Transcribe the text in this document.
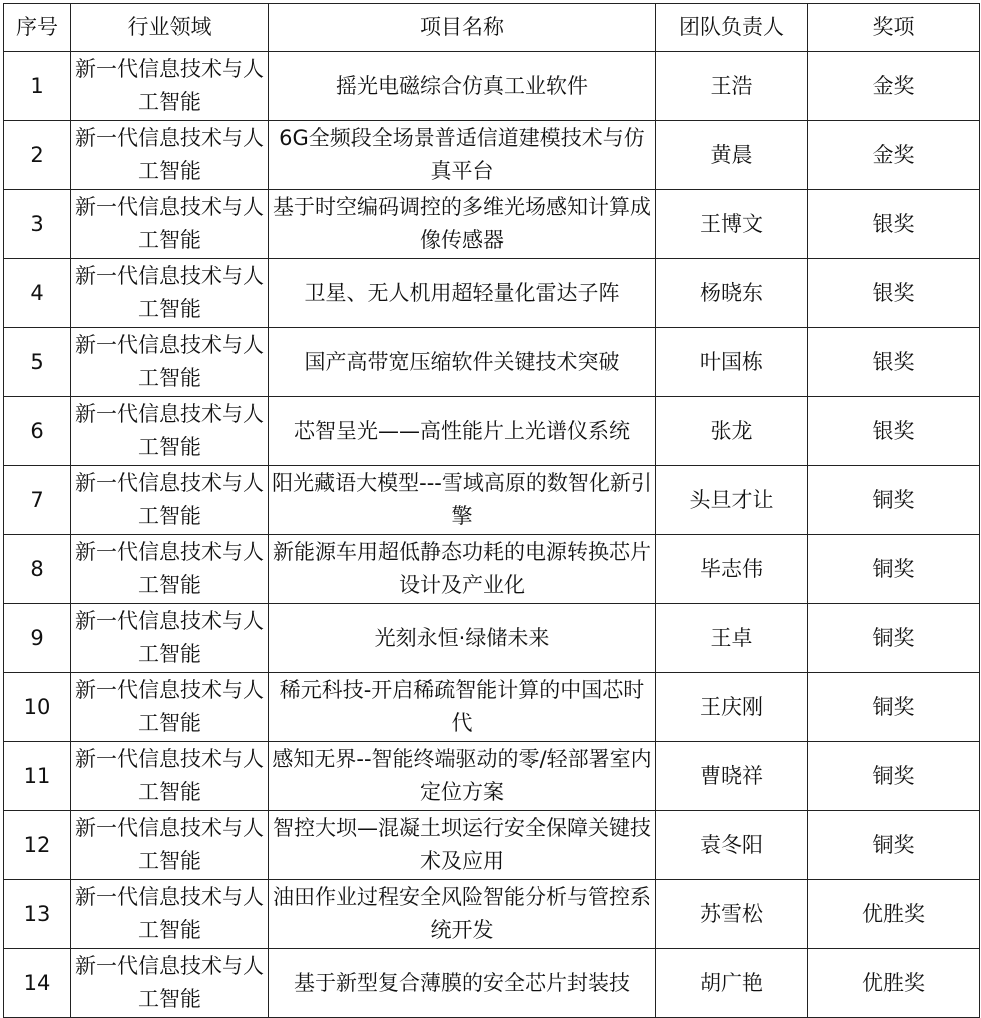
序号	行业领域	项目名称	团队负责人	奖项
1	新一代信息技术与人工智能	摇光电磁综合仿真工业软件	王浩	金奖
2	新一代信息技术与人工智能	6G全频段全场景普适信道建模技术与仿真平台	黄晨	金奖
3	新一代信息技术与人工智能	基于时空编码调控的多维光场感知计算成像传感器	王博文	银奖
4	新一代信息技术与人工智能	卫星、无人机用超轻量化雷达子阵	杨晓东	银奖
5	新一代信息技术与人工智能	国产高带宽压缩软件关键技术突破	叶国栋	银奖
6	新一代信息技术与人工智能	芯智呈光——高性能片上光谱仪系统	张龙	银奖
7	新一代信息技术与人工智能	阳光藏语大模型---雪域高原的数智化新引擎	头旦才让	铜奖
8	新一代信息技术与人工智能	新能源车用超低静态功耗的电源转换芯片设计及产业化	毕志伟	铜奖
9	新一代信息技术与人工智能	光刻永恒·绿储未来	王卓	铜奖
10	新一代信息技术与人工智能	稀元科技-开启稀疏智能计算的中国芯时代	王庆刚	铜奖
11	新一代信息技术与人工智能	感知无界--智能终端驱动的零/轻部署室内定位方案	曹晓祥	铜奖
12	新一代信息技术与人工智能	智控大坝—混凝土坝运行安全保障关键技术及应用	袁冬阳	铜奖
13	新一代信息技术与人工智能	油田作业过程安全风险智能分析与管控系统开发	苏雪松	优胜奖
14	新一代信息技术与人工智能	基于新型复合薄膜的安全芯片封装技	胡广艳	优胜奖
